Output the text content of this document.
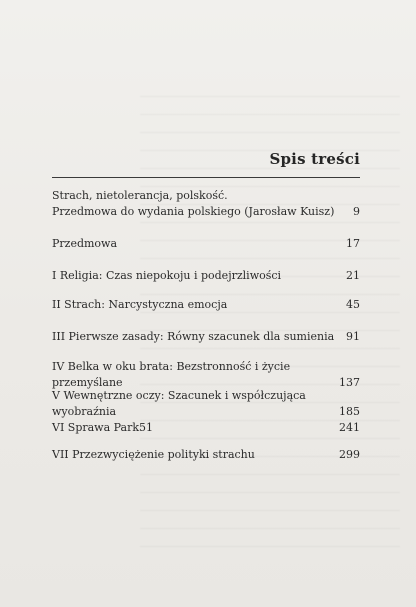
Spis treści
Strach, nietolerancja, polskość.
Przedmowa do wydania polskiego (Jarosław Kuisz) 9
Przedmowa	17
I Religia: Czas niepokoju i podejrzliwości	21
II Strach: Narcystyczna emocja	45
III Pierwsze zasady: Równy szacunek dla sumienia 91
IV Belka w oku brata: Bezstronność i życie przemyślane	137
V Wewnętrzne oczy: Szacunek i współczująca wyobraźnia	185
VI Sprawa Park51	241
VII Przezwyciężenie polityki strachu	299
